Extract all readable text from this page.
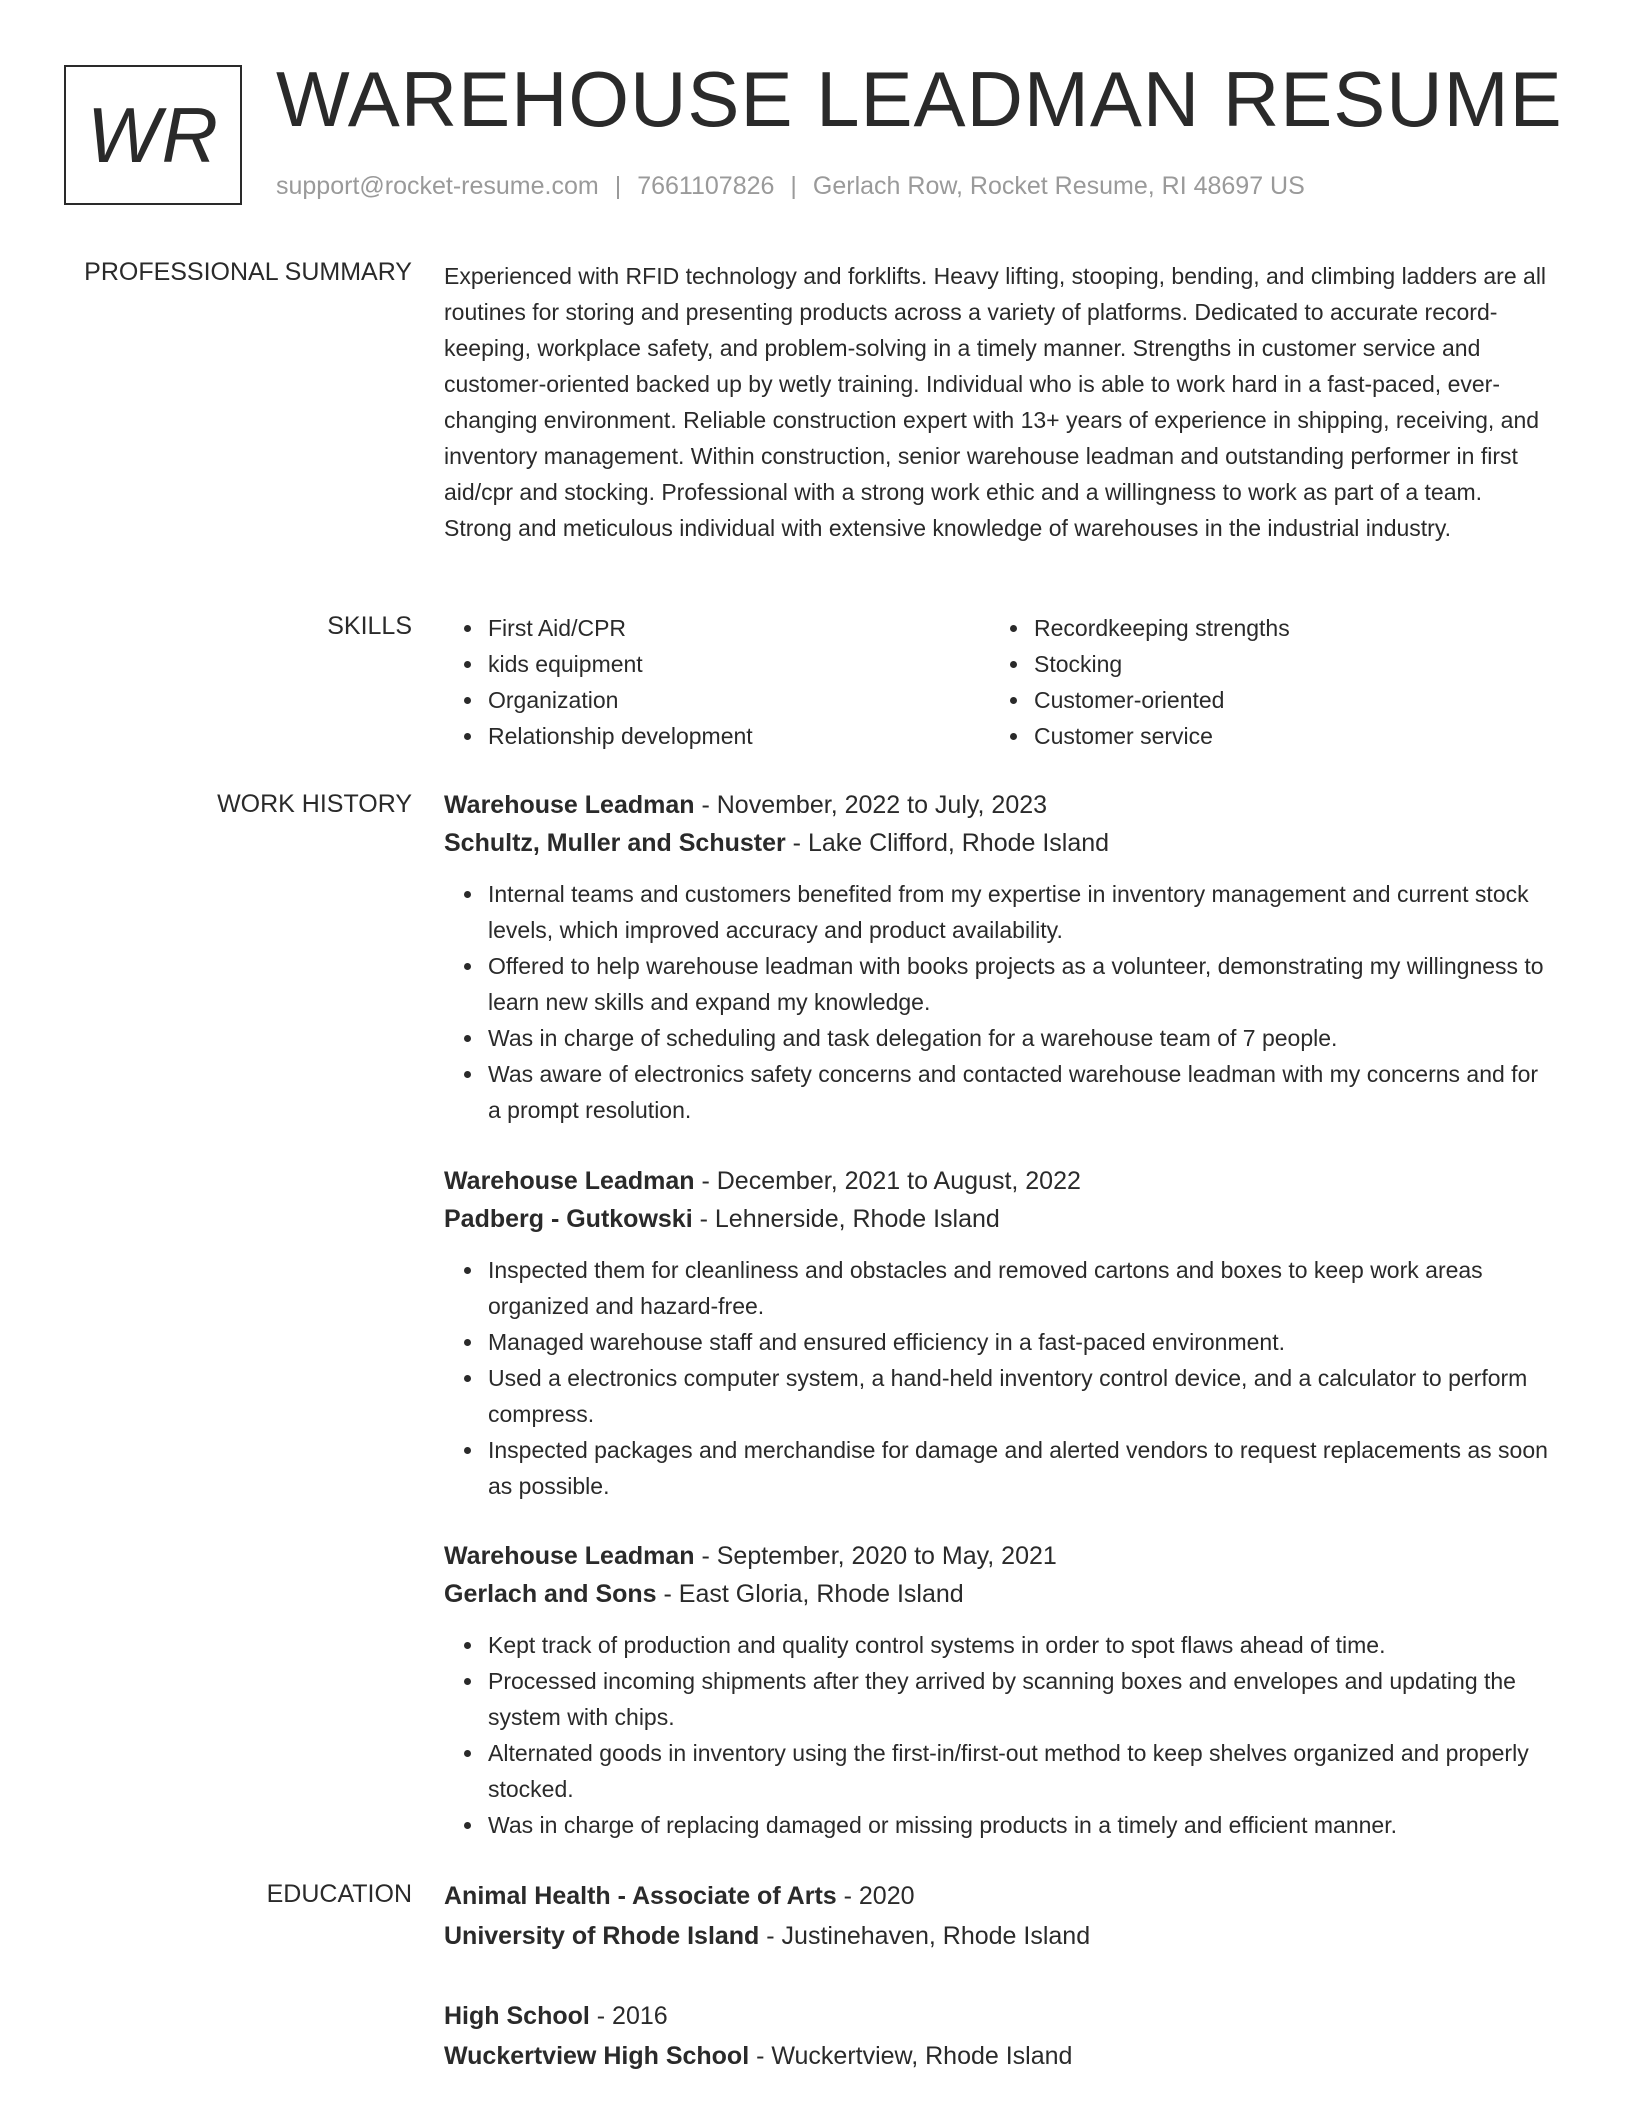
WR WAREHOUSE LEADMAN RESUME
support@rocket-resume.com | 7661107826 | Gerlach Row, Rocket Resume, RI 48697 US
PROFESSIONAL SUMMARY Experienced with RFID technology and forklifts. Heavy lifting, stooping, bending, and climbing ladders are all routines for storing and presenting products across a variety of platforms. Dedicated to accurate record-keeping, workplace safety, and problem-solving in a timely manner. Strengths in customer service and customer-oriented backed up by wetly training. Individual who is able to work hard in a fast-paced, ever-changing environment. Reliable construction expert with 13+ years of experience in shipping, receiving, and inventory management. Within construction, senior warehouse leadman and outstanding performer in first aid/cpr and stocking. Professional with a strong work ethic and a willingness to work as part of a team. Strong and meticulous individual with extensive knowledge of warehouses in the industrial industry.

SKILLS	First Aid/CPR
kids equipment
Organization
Relationship development
Recordkeeping strengths
Stocking
Customer-oriented
Customer service
WORK HISTORY Warehouse Leadman - November, 2022 to July, 2023
Schultz, Muller and Schuster - Lake Clifford, Rhode Island
Internal teams and customers benefited from my expertise in inventory management and current stock levels, which improved accuracy and product availability.
Offered to help warehouse leadman with books projects as a volunteer, demonstrating my willingness to learn new skills and expand my knowledge.
Was in charge of scheduling and task delegation for a warehouse team of 7 people.
Was aware of electronics safety concerns and contacted warehouse leadman with my concerns and for a prompt resolution.
Warehouse Leadman - December, 2021 to August, 2022
Padberg - Gutkowski - Lehnerside, Rhode Island
Inspected them for cleanliness and obstacles and removed cartons and boxes to keep work areas organized and hazard-free.
Managed warehouse staff and ensured efficiency in a fast-paced environment.
Used a electronics computer system, a hand-held inventory control device, and a calculator to perform compress.
Inspected packages and merchandise for damage and alerted vendors to request replacements as soon as possible.
Warehouse Leadman - September, 2020 to May, 2021
Gerlach and Sons - East Gloria, Rhode Island
Kept track of production and quality control systems in order to spot flaws ahead of time.
Processed incoming shipments after they arrived by scanning boxes and envelopes and updating the system with chips.
Alternated goods in inventory using the first-in/first-out method to keep shelves organized and properly stocked.
Was in charge of replacing damaged or missing products in a timely and efficient manner.
EDUCATION Animal Health - Associate of Arts - 2020
University of Rhode Island - Justinehaven, Rhode Island
High School - 2016
Wuckertview High School - Wuckertview, Rhode Island
